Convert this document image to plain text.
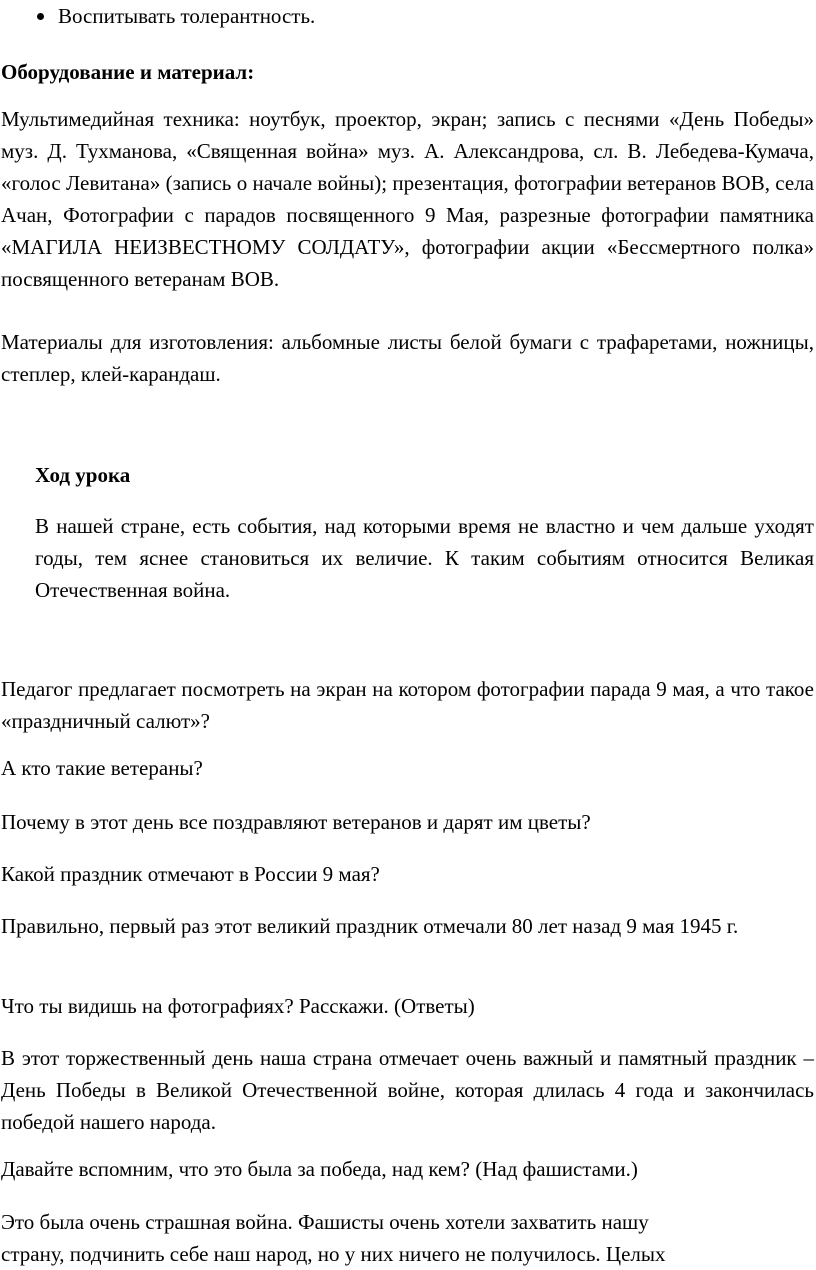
Воспитывать толерантность.

Оборудование и материал:

Мультимедийная техника: ноутбук, проектор, экран; запись с песнями «День Победы» муз. Д. Тухманова, «Священная война» муз. А. Александрова, сл. В. Лебедева-Кумача, «голос Левитана» (запись о начале войны); презентация, фотографии ветеранов ВОВ, села Ачан, Фотографии с парадов посвященного 9 Мая, разрезные фотографии памятника «МАГИЛА НЕИЗВЕСТНОМУ СОЛДАТУ», фотографии акции «Бессмертного полка» посвященного ветеранам ВОВ.

Материалы для изготовления: альбомные листы белой бумаги с трафаретами, ножницы, степлер, клей-карандаш.

Ход урока

В нашей стране, есть события, над которыми время не властно и чем дальше уходят годы, тем яснее становиться их величие. К таким событиям относится Великая Отечественная война.

Педагог предлагает посмотреть на экран на котором фотографии парада 9 мая, а что такое «праздничный салют»?

А кто такие ветераны?

Почему в этот день все поздравляют ветеранов и дарят им цветы?

Какой праздник отмечают в России 9 мая?

Правильно, первый раз этот великий праздник отмечали 80 лет назад 9 мая 1945 г.

Что ты видишь на фотографиях? Расскажи. (Ответы)

В этот торжественный день наша страна отмечает очень важный и памятный праздник – День Победы в Великой Отечественной войне, которая длилась 4 года и закончилась победой нашего народа.

Давайте вспомним, что это была за победа, над кем? (Над фашистами.)

Это была очень страшная война. Фашисты очень хотели захватить нашу

страну, подчинить себе наш народ, но у них ничего не получилось. Целых
